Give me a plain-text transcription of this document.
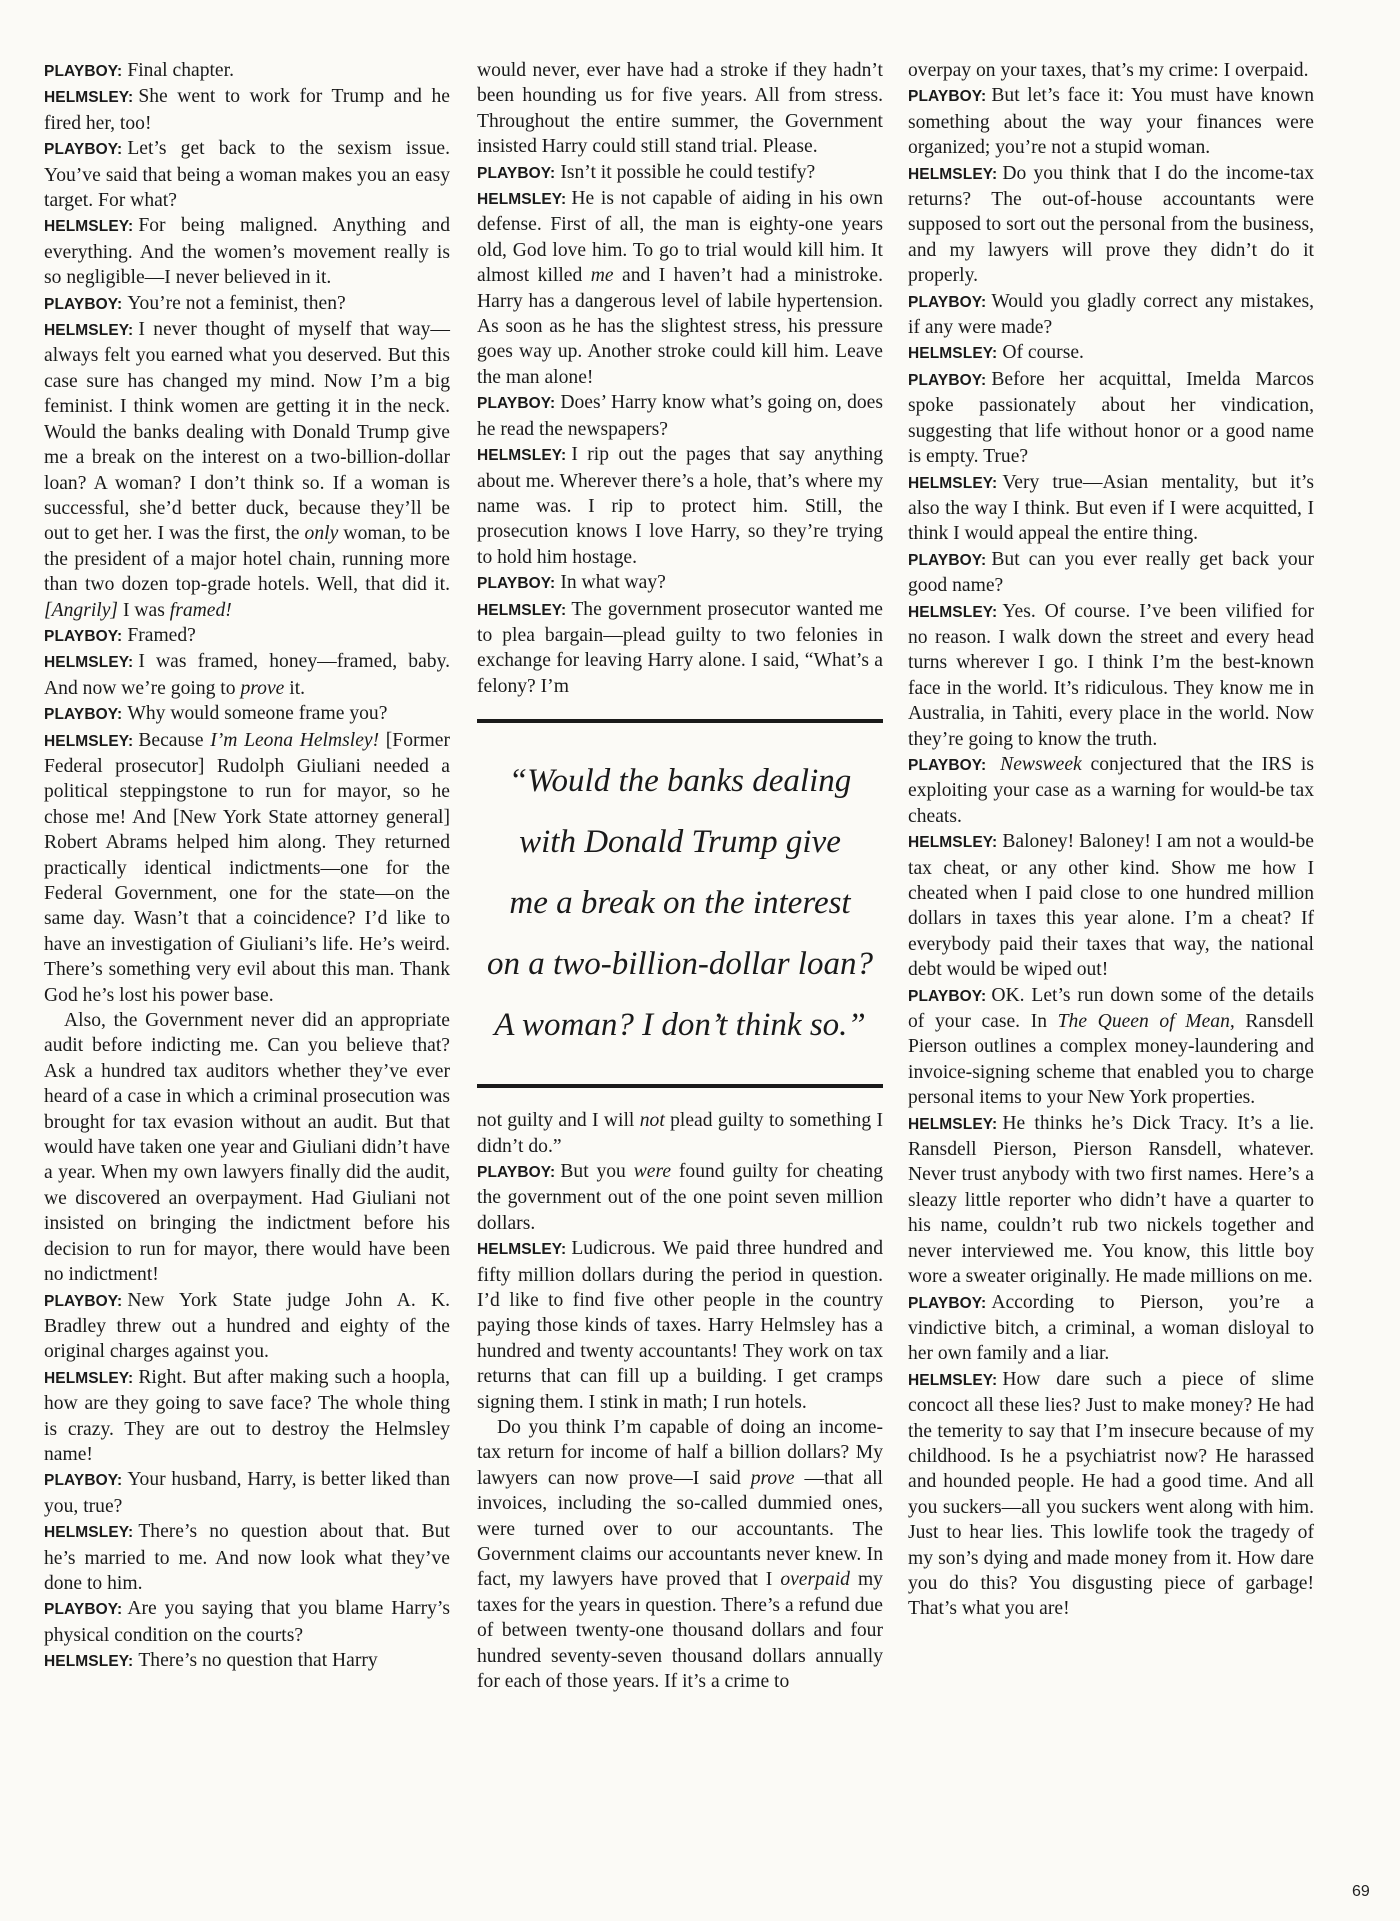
PLAYBOY: Final chapter.

HELMSLEY: She went to work for Trump and he fired her, too!

PLAYBOY: Let’s get back to the sexism issue. You’ve said that being a woman makes you an easy target. For what?

HELMSLEY: For being maligned. Anything and everything. And the women’s movement really is so negligible—I never believed in it.

PLAYBOY: You’re not a feminist, then?

HELMSLEY: I never thought of myself that way—always felt you earned what you deserved. But this case sure has changed my mind. Now I’m a big feminist. I think women are getting it in the neck. Would the banks dealing with Donald Trump give me a break on the interest on a two-billion-dollar loan? A woman? I don’t think so. If a woman is successful, she’d better duck, because they’ll be out to get her. I was the first, the only woman, to be the president of a major hotel chain, running more than two dozen top-grade hotels. Well, that did it. [Angrily] I was framed!

PLAYBOY: Framed?

HELMSLEY: I was framed, honey—framed, baby. And now we’re going to prove it.

PLAYBOY: Why would someone frame you?

HELMSLEY: Because I’m Leona Helmsley! [Former Federal prosecutor] Rudolph Giuliani needed a political steppingstone to run for mayor, so he chose me! And [New York State attorney general] Robert Abrams helped him along. They returned practically identical indictments—one for the Federal Government, one for the state—on the same day. Wasn’t that a coincidence? I’d like to have an investigation of Giuliani’s life. He’s weird. There’s something very evil about this man. Thank God he’s lost his power base.

Also, the Government never did an appropriate audit before indicting me. Can you believe that? Ask a hundred tax auditors whether they’ve ever heard of a case in which a criminal prosecution was brought for tax evasion without an audit. But that would have taken one year and Giuliani didn’t have a year. When my own lawyers finally did the audit, we discovered an overpayment. Had Giuliani not insisted on bringing the indictment before his decision to run for mayor, there would have been no indictment!

PLAYBOY: New York State judge John A. K. Bradley threw out a hundred and eighty of the original charges against you.

HELMSLEY: Right. But after making such a hoopla, how are they going to save face? The whole thing is crazy. They are out to destroy the Helmsley name!

PLAYBOY: Your husband, Harry, is better liked than you, true?

HELMSLEY: There’s no question about that. But he’s married to me. And now look what they’ve done to him.

PLAYBOY: Are you saying that you blame Harry’s physical condition on the courts?

HELMSLEY: There’s no question that Harry

would never, ever have had a stroke if they hadn’t been hounding us for five years. All from stress. Throughout the entire summer, the Government insisted Harry could still stand trial. Please.

PLAYBOY: Isn’t it possible he could testify?

HELMSLEY: He is not capable of aiding in his own defense. First of all, the man is eighty-one years old, God love him. To go to trial would kill him. It almost killed me and I haven’t had a ministroke. Harry has a dangerous level of labile hypertension. As soon as he has the slightest stress, his pressure goes way up. Another stroke could kill him. Leave the man alone!

PLAYBOY: Does’ Harry know what’s going on, does he read the newspapers?

HELMSLEY: I rip out the pages that say anything about me. Wherever there’s a hole, that’s where my name was. I rip to protect him. Still, the prosecution knows I love Harry, so they’re trying to hold him hostage.

PLAYBOY: In what way?

HELMSLEY: The government prosecutor wanted me to plea bargain—plead guilty to two felonies in exchange for leaving Harry alone. I said, “What’s a felony? I’m

“Would the banks dealing
with Donald Trump give
me a break on the interest
on a two-billion-dollar loan?
A woman? I don’t think so.”

not guilty and I will not plead guilty to something I didn’t do.”

PLAYBOY: But you were found guilty for cheating the government out of the one point seven million dollars.

HELMSLEY: Ludicrous. We paid three hundred and fifty million dollars during the period in question. I’d like to find five other people in the country paying those kinds of taxes. Harry Helmsley has a hundred and twenty accountants! They work on tax returns that can fill up a building. I get cramps signing them. I stink in math; I run hotels.

Do you think I’m capable of doing an income-tax return for income of half a billion dollars? My lawyers can now prove—I said prove —that all invoices, including the so-called dummied ones, were turned over to our accountants. The Government claims our accountants never knew. In fact, my lawyers have proved that I overpaid my taxes for the years in question. There’s a refund due of between twenty-one thousand dollars and four hundred seventy-seven thousand dollars annually for each of those years. If it’s a crime to

overpay on your taxes, that’s my crime: I overpaid.

PLAYBOY: But let’s face it: You must have known something about the way your finances were organized; you’re not a stupid woman.

HELMSLEY: Do you think that I do the income-tax returns? The out-of-house accountants were supposed to sort out the personal from the business, and my lawyers will prove they didn’t do it properly.

PLAYBOY: Would you gladly correct any mistakes, if any were made?

HELMSLEY: Of course.

PLAYBOY: Before her acquittal, Imelda Marcos spoke passionately about her vindication, suggesting that life without honor or a good name is empty. True?

HELMSLEY: Very true—Asian mentality, but it’s also the way I think. But even if I were acquitted, I think I would appeal the entire thing.

PLAYBOY: But can you ever really get back your good name?

HELMSLEY: Yes. Of course. I’ve been vilified for no reason. I walk down the street and every head turns wherever I go. I think I’m the best-known face in the world. It’s ridiculous. They know me in Australia, in Tahiti, every place in the world. Now they’re going to know the truth.

PLAYBOY: Newsweek conjectured that the IRS is exploiting your case as a warning for would-be tax cheats.

HELMSLEY: Baloney! Baloney! I am not a would-be tax cheat, or any other kind. Show me how I cheated when I paid close to one hundred million dollars in taxes this year alone. I’m a cheat? If everybody paid their taxes that way, the national debt would be wiped out!

PLAYBOY: OK. Let’s run down some of the details of your case. In The Queen of Mean, Ransdell Pierson outlines a complex money-laundering and invoice-signing scheme that enabled you to charge personal items to your New York properties.

HELMSLEY: He thinks he’s Dick Tracy. It’s a lie. Ransdell Pierson, Pierson Ransdell, whatever. Never trust anybody with two first names. Here’s a sleazy little reporter who didn’t have a quarter to his name, couldn’t rub two nickels together and never interviewed me. You know, this little boy wore a sweater originally. He made millions on me.

PLAYBOY: According to Pierson, you’re a vindictive bitch, a criminal, a woman disloyal to her own family and a liar.

HELMSLEY: How dare such a piece of slime concoct all these lies? Just to make money? He had the temerity to say that I’m insecure because of my childhood. Is he a psychiatrist now? He harassed and hounded people. He had a good time. And all you suckers—all you suckers went along with him. Just to hear lies. This lowlife took the tragedy of my son’s dying and made money from it. How dare you do this? You disgusting piece of garbage! That’s what you are!

69
